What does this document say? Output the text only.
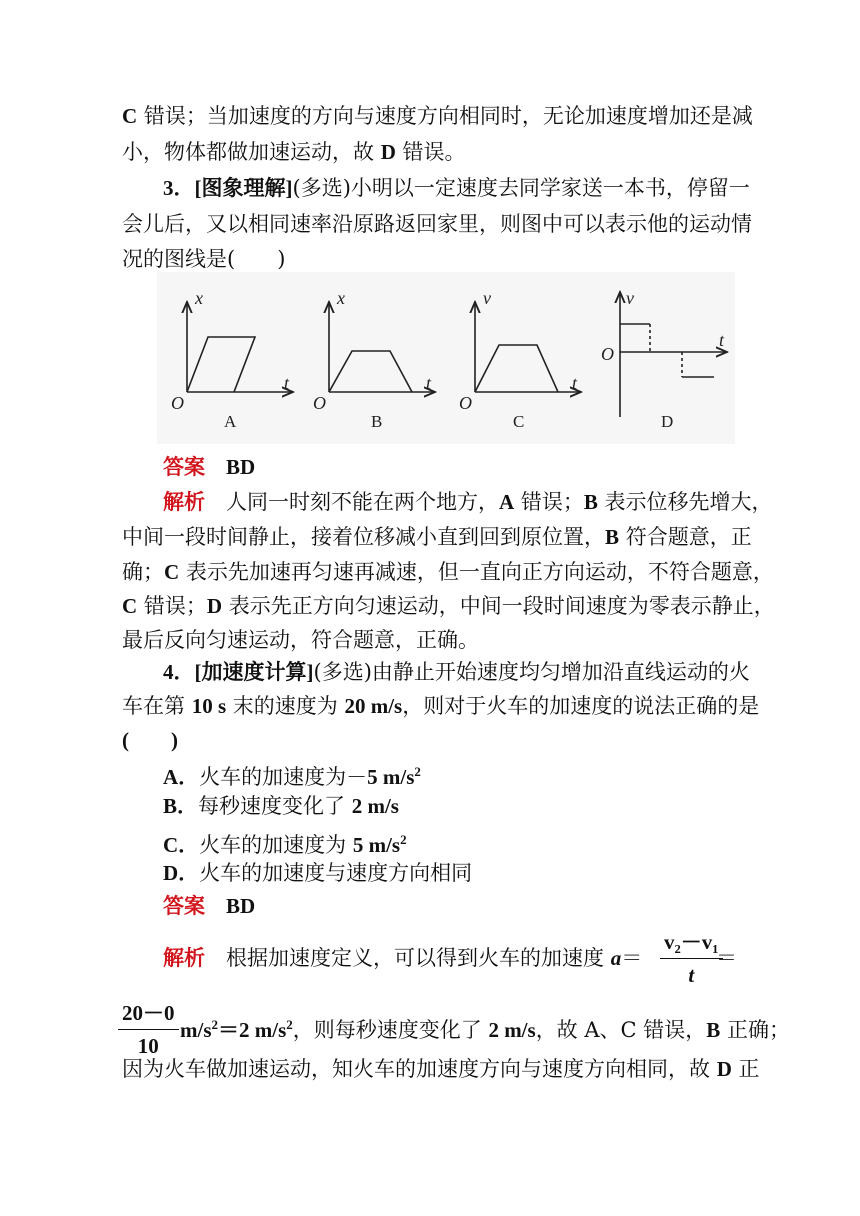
C 错误；当加速度的方向与速度方向相同时，无论加速度增加还是减
小，物体都做加速运动，故 D 错误。
3．[图象理解](多选)小明以一定速度去同学家送一本书，停留一
会儿后，又以相同速率沿原路返回家里，则图中可以表示他的运动情
况的图线是(　　)
x
t
O
A
x
t
O
B
v
t
O
C
v
t
O
D
答案 BD
解析 人同一时刻不能在两个地方，A 错误；B 表示位移先增大，
中间一段时间静止，接着位移减小直到回到原位置，B 符合题意，正
确；C 表示先加速再匀速再减速，但一直向正方向运动，不符合题意，
C 错误；D 表示先正方向匀速运动，中间一段时间速度为零表示静止，
最后反向匀速运动，符合题意，正确。
4．[加速度计算](多选)由静止开始速度均匀增加沿直线运动的火
车在第 10 s 末的速度为 20 m/s，则对于火车的加速度的说法正确的是
(　　)
A．火车的加速度为－5 $m/s^2$
B．每秒速度变化了 2 m/s
C．火车的加速度为 5 $m/s^2$
D．火车的加速度与速度方向相同
答案 BD
解析 根据加速度定义，可以得到火车的加速度 $a= \frac{\text{v₂－v₁}}{t}$
＝
$\frac{20-0}{10} m/s^2=2$ $m/s^2$，则每秒速度变化了 2 m/s，故 A、C 错误，B 正确；
因为火车做加速运动，知火车的加速度方向与速度方向相同，故 D 正
